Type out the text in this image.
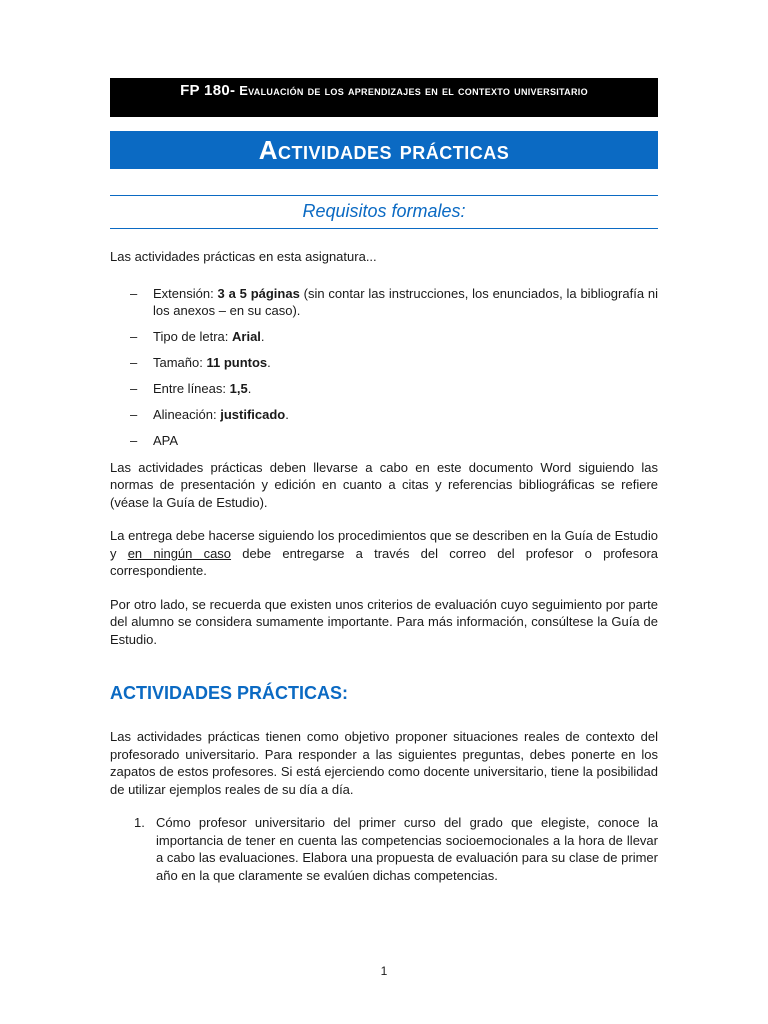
FP 180- Evaluación de los aprendizajes en el contexto universitario
Actividades prácticas
Requisitos formales:

Las actividades prácticas en esta asignatura...

– Extensión: 3 a 5 páginas (sin contar las instrucciones, los enunciados, la bibliografía ni los anexos – en su caso).
– Tipo de letra: Arial.
– Tamaño: 11 puntos.
– Entre líneas: 1,5.
– Alineación: justificado.
– APA

Las actividades prácticas deben llevarse a cabo en este documento Word siguiendo las normas de presentación y edición en cuanto a citas y referencias bibliográficas se refiere (véase la Guía de Estudio).

La entrega debe hacerse siguiendo los procedimientos que se describen en la Guía de Estudio y en ningún caso debe entregarse a través del correo del profesor o profesora correspondiente.

Por otro lado, se recuerda que existen unos criterios de evaluación cuyo seguimiento por parte del alumno se considera sumamente importante. Para más información, consúltese la Guía de Estudio.

ACTIVIDADES PRÁCTICAS:

Las actividades prácticas tienen como objetivo proponer situaciones reales de contexto del profesorado universitario. Para responder a las siguientes preguntas, debes ponerte en los zapatos de estos profesores. Si está ejerciendo como docente universitario, tiene la posibilidad de utilizar ejemplos reales de su día a día.

1. Cómo profesor universitario del primer curso del grado que elegiste, conoce la importancia de tener en cuenta las competencias socioemocionales a la hora de llevar a cabo las evaluaciones. Elabora una propuesta de evaluación para su clase de primer año en la que claramente se evalúen dichas competencias.
1
